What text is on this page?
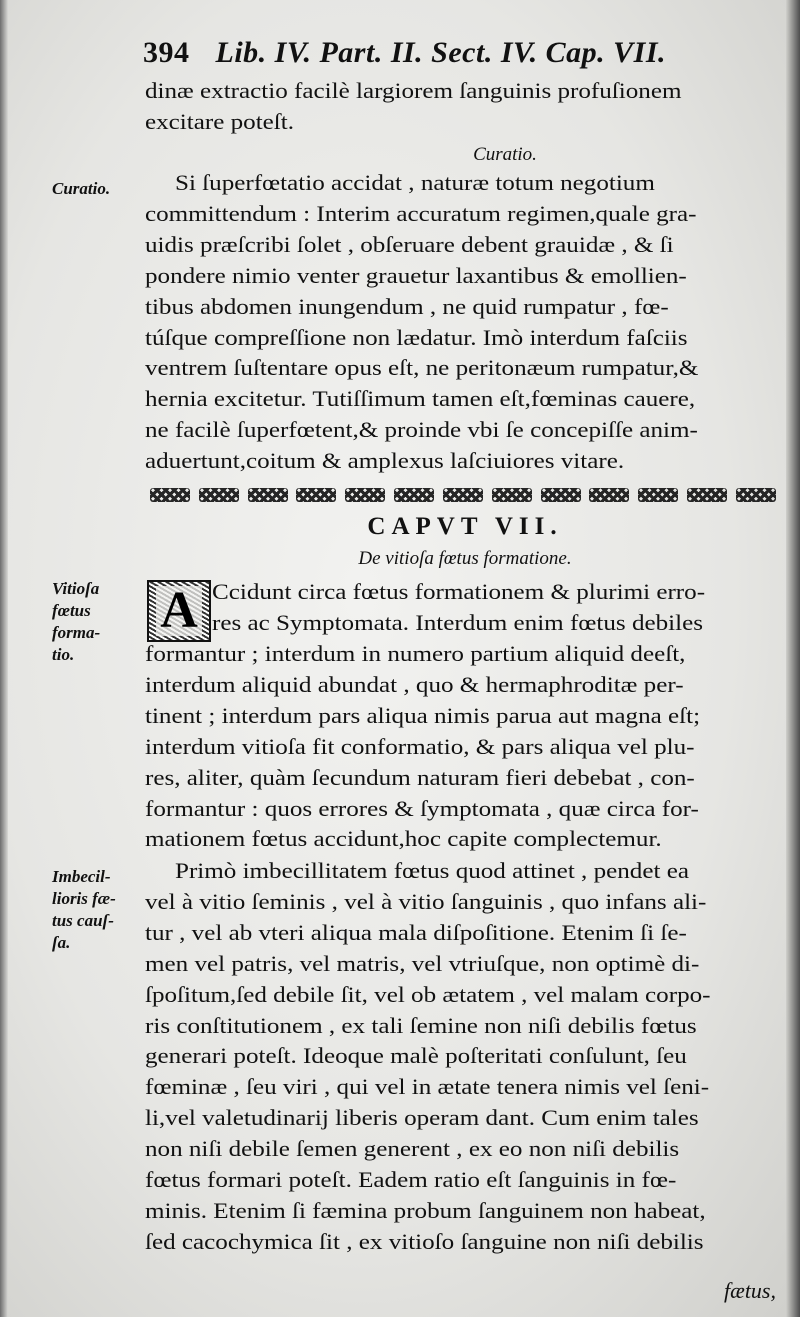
394 Lib. IV. Part. II. Sect. IV. Cap. VII.
dinæ extractio facilè largiorem ſanguinis profuſionem
excitare poteſt.
Curatio.
Curatio.	Si ſuperfœtatio accidat , naturæ totum negotium
committendum : Interim accuratum regimen,quale gra-
uidis præſcribi ſolet , obſeruare debent grauidæ , & ſi
pondere nimio venter grauetur laxantibus & emollien-
tibus abdomen inungendum , ne quid rumpatur , fœ-
túſque compreſſione non lædatur. Imò interdum faſciis
ventrem ſuſtentare opus eſt, ne peritonæum rumpatur,&
hernia excitetur. Tutiſſimum tamen eſt,fœminas cauere,
ne facilè ſuperfœtent,& proinde vbi ſe concepiſſe anim-
aduertunt,coitum & amplexus laſciuiores vitare.
CAPVT VII.
De vitioſa fœtus formatione.
Vitioſa
fœtus
forma-
tio.
A Ccidunt circa fœtus formationem & plurimi erro-
res ac Symptomata. Interdum enim fœtus debiles
formantur ; interdum in numero partium aliquid deeſt,
interdum aliquid abundat , quo & hermaphroditæ per-
tinent ; interdum pars aliqua nimis parua aut magna eſt;
interdum vitioſa fit conformatio, & pars aliqua vel plu-
res, aliter, quàm ſecundum naturam fieri debebat , con-
formantur : quos errores & ſymptomata , quæ circa for-
mationem fœtus accidunt,hoc capite complectemur.
Imbecil-
lioris fæ-
tus cauſ-
ſa.
Primò imbecillitatem fœtus quod attinet , pendet ea
vel à vitio ſeminis , vel à vitio ſanguinis , quo infans ali-
tur , vel ab vteri aliqua mala diſpoſitione. Etenim ſi ſe-
men vel patris, vel matris, vel vtriuſque, non optimè di-
ſpoſitum,ſed debile ſit, vel ob ætatem , vel malam corpo-
ris conſtitutionem , ex tali ſemine non niſi debilis fœtus
generari poteſt. Ideoque malè poſteritati conſulunt, ſeu
fœminæ , ſeu viri , qui vel in ætate tenera nimis vel ſeni-
li,vel valetudinarij liberis operam dant. Cum enim tales
non niſi debile ſemen generent , ex eo non niſi debilis
fœtus formari poteſt. Eadem ratio eſt ſanguinis in fœ-
minis. Etenim ſi fæmina probum ſanguinem non habeat,
ſed cacochymica ſit , ex vitioſo ſanguine non niſi debilis
fætus,
